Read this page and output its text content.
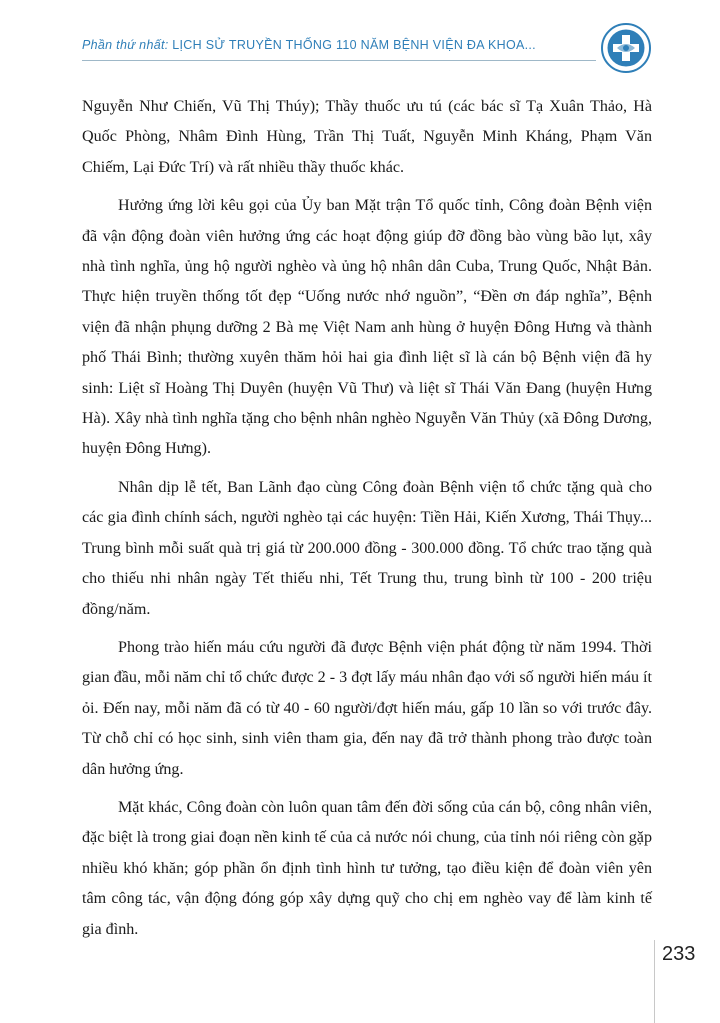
Phần thứ nhất: LỊCH SỬ TRUYỀN THỐNG 110 NĂM BỆNH VIỆN ĐA KHOA...

Nguyễn Như Chiến, Vũ Thị Thúy); Thầy thuốc ưu tú (các bác sĩ Tạ Xuân Thảo, Hà Quốc Phòng, Nhâm Đình Hùng, Trần Thị Tuất, Nguyễn Minh Kháng, Phạm Văn Chiếm, Lại Đức Trí) và rất nhiều thầy thuốc khác.

Hưởng ứng lời kêu gọi của Ủy ban Mặt trận Tổ quốc tỉnh, Công đoàn Bệnh viện đã vận động đoàn viên hưởng ứng các hoạt động giúp đỡ đồng bào vùng bão lụt, xây nhà tình nghĩa, ủng hộ người nghèo và ủng hộ nhân dân Cuba, Trung Quốc, Nhật Bản. Thực hiện truyền thống tốt đẹp “Uống nước nhớ nguồn”, “Đền ơn đáp nghĩa”, Bệnh viện đã nhận phụng dưỡng 2 Bà mẹ Việt Nam anh hùng ở huyện Đông Hưng và thành phố Thái Bình; thường xuyên thăm hỏi hai gia đình liệt sĩ là cán bộ Bệnh viện đã hy sinh: Liệt sĩ Hoàng Thị Duyên (huyện Vũ Thư) và liệt sĩ Thái Văn Đang (huyện Hưng Hà). Xây nhà tình nghĩa tặng cho bệnh nhân nghèo Nguyễn Văn Thủy (xã Đông Dương, huyện Đông Hưng).

Nhân dịp lễ tết, Ban Lãnh đạo cùng Công đoàn Bệnh viện tổ chức tặng quà cho các gia đình chính sách, người nghèo tại các huyện: Tiền Hải, Kiến Xương, Thái Thụy... Trung bình mỗi suất quà trị giá từ 200.000 đồng - 300.000 đồng. Tổ chức trao tặng quà cho thiếu nhi nhân ngày Tết thiếu nhi, Tết Trung thu, trung bình từ 100 - 200 triệu đồng/năm.

Phong trào hiến máu cứu người đã được Bệnh viện phát động từ năm 1994. Thời gian đầu, mỗi năm chỉ tổ chức được 2 - 3 đợt lấy máu nhân đạo với số người hiến máu ít ỏi. Đến nay, mỗi năm đã có từ 40 - 60 người/đợt hiến máu, gấp 10 lần so với trước đây. Từ chỗ chỉ có học sinh, sinh viên tham gia, đến nay đã trở thành phong trào được toàn dân hưởng ứng.

Mặt khác, Công đoàn còn luôn quan tâm đến đời sống của cán bộ, công nhân viên, đặc biệt là trong giai đoạn nền kinh tế của cả nước nói chung, của tỉnh nói riêng còn gặp nhiều khó khăn; góp phần ổn định tình hình tư tưởng, tạo điều kiện để đoàn viên yên tâm công tác, vận động đóng góp xây dựng quỹ cho chị em nghèo vay để làm kinh tế gia đình.

233
